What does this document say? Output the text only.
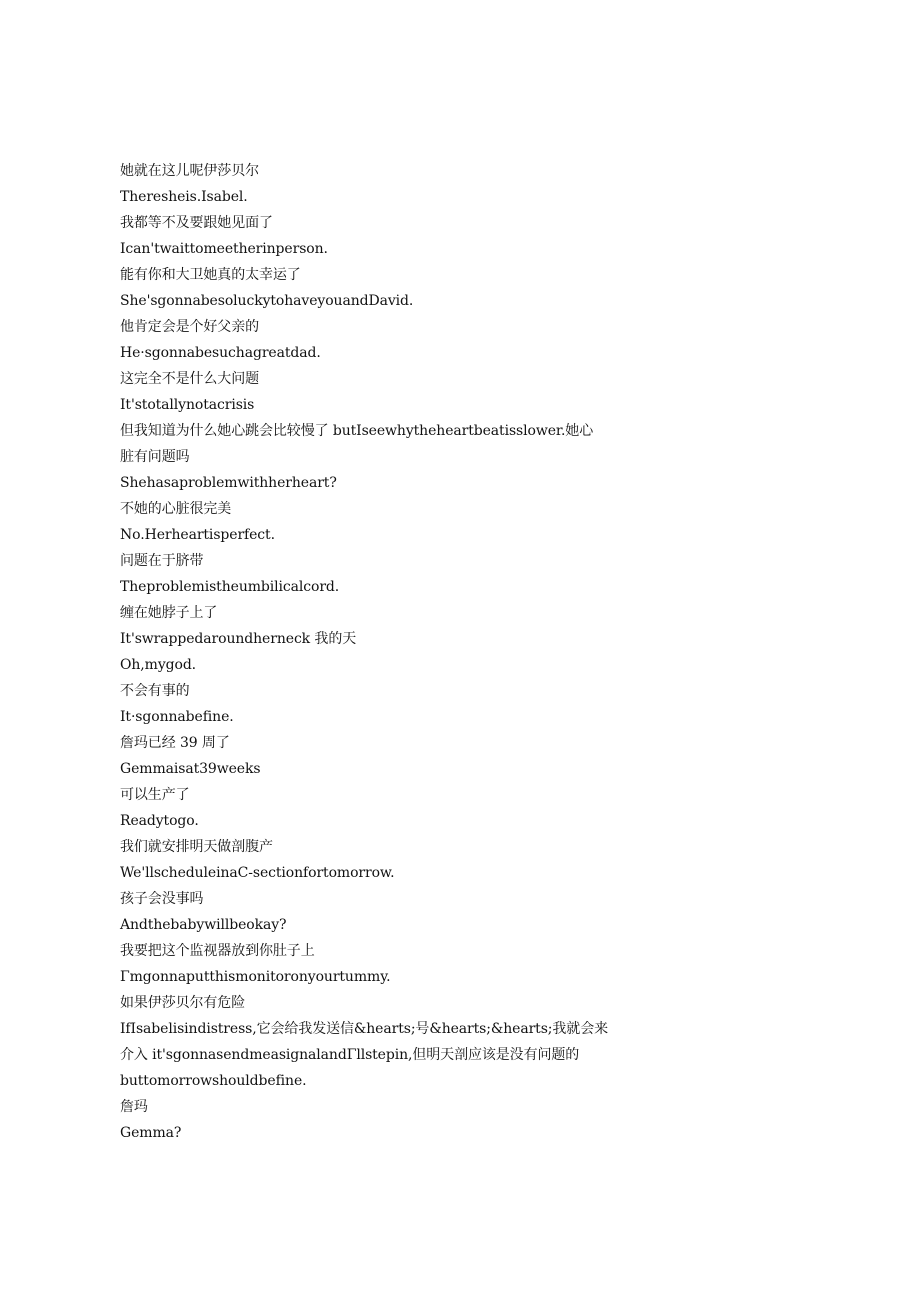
她就在这儿呢伊莎贝尔

Theresheis.Isabel.

我都等不及要跟她见面了

Ican'twaittomeetherinperson.

能有你和大卫她真的太幸运了

She'sgonnabesoluckytohaveyouandDavid.

他肯定会是个好父亲的

He·sgonnabesuchagreatdad.

这完全不是什么大问题

It'stotallynotacrisis

但我知道为什么她心跳会比较慢了 butIseewhytheheartbeatisslower.她心

脏有问题吗

Shehasaproblemwithherheart?

不她的心脏很完美

No.Herheartisperfect.

问题在于脐带

Theproblemistheumbilicalcord.

缠在她脖子上了

It'swrappedaroundherneck 我的天

Oh,mygod.

不会有事的

It·sgonnabefine.

詹玛已经 39 周了

Gemmaisat39weeks

可以生产了

Readytogo.

我们就安排明天做剖腹产

We'llscheduleinaC-sectionfortomorrow.

孩子会没事吗

Andthebabywillbeokay?

我要把这个监视器放到你肚子上

Γmgonnaputthismonitoronyourtummy.

如果伊莎贝尔有危险

IfIsabelisindistress,它会给我发送信&hearts;号&hearts;&hearts;我就会来

介入 it'sgonnasendmeasignalandΓllstepin,但明天剖应该是没有问题的

buttomorrowshouldbefine.

詹玛

Gemma?
